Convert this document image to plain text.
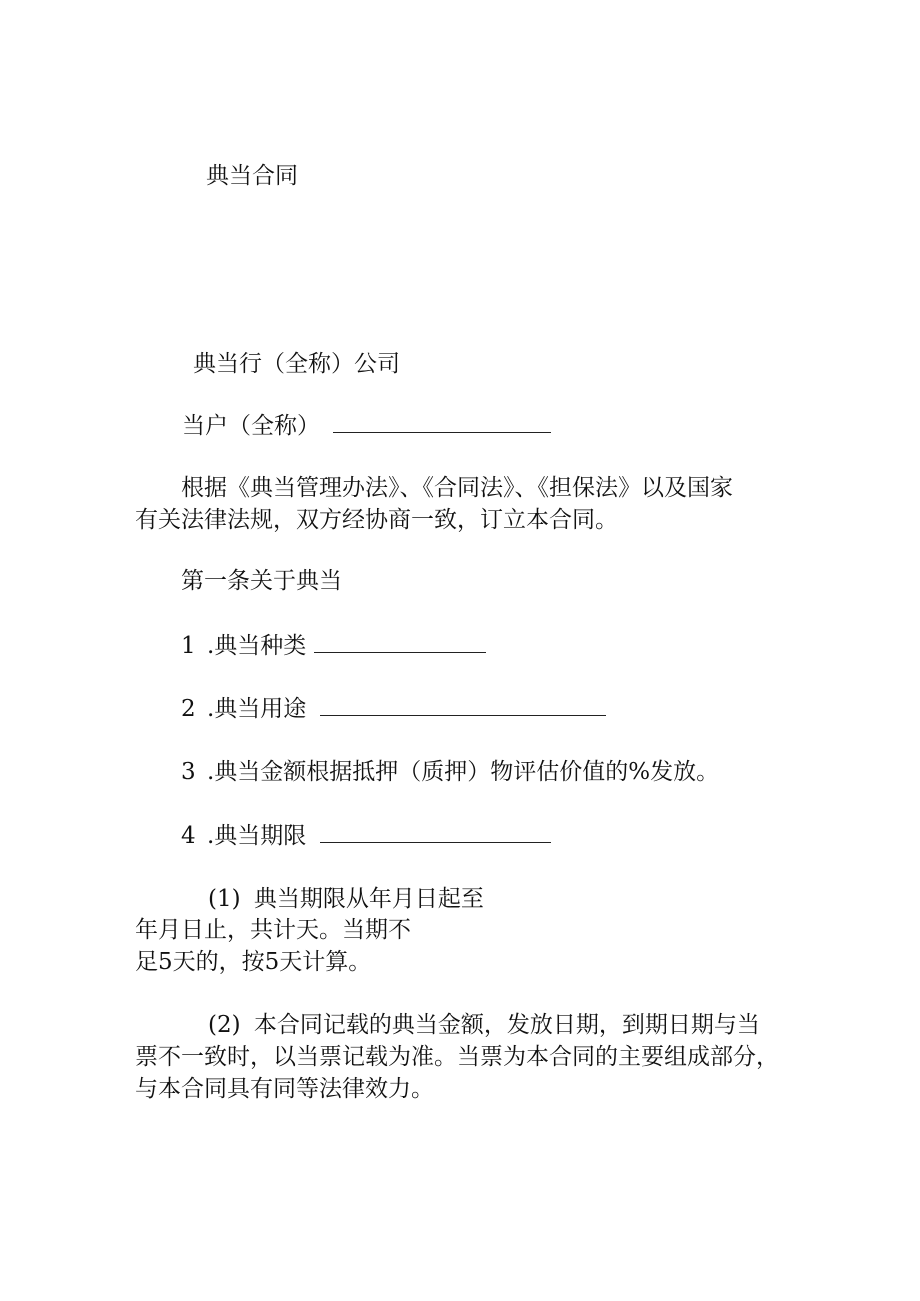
典当合同

典当行（全称）公司

当户（全称）

根据《典当管理办法》、《合同法》、《担保法》以及国家

有关法律法规，双方经协商一致，订立本合同。

第一条关于典当

1 .典当种类

2 .典当用途

3 .典当金额根据抵押（质押）物评估价值的%发放。

4 .典当期限

(1) 典当期限从年月日起至

年月日止，共计天。当期不

足5天的，按5天计算。

(2) 本合同记载的典当金额，发放日期，到期日期与当

票不一致时，以当票记载为准。当票为本合同的主要组成部分，

与本合同具有同等法律效力。
